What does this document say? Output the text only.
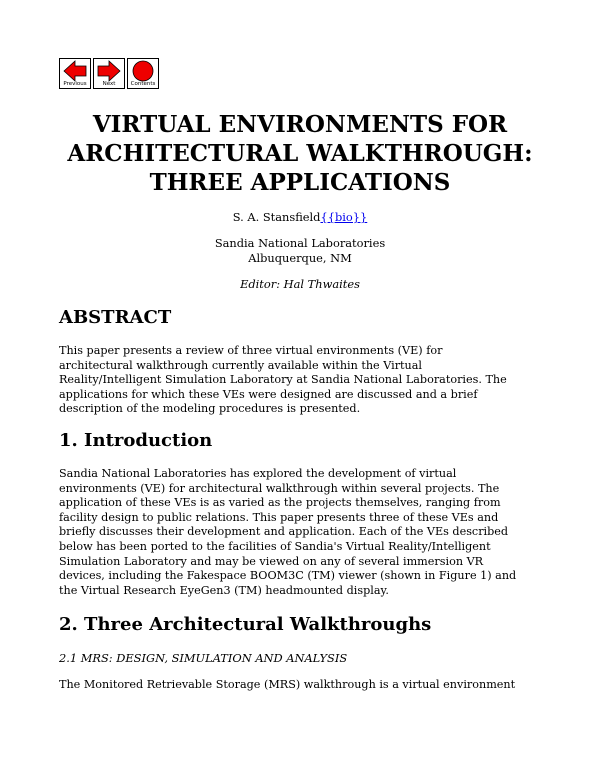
Previous	Next	Contents
VIRTUAL ENVIRONMENTS FOR
ARCHITECTURAL WALKTHROUGH:
THREE APPLICATIONS

S. A. Stansfield{{bio}}

Sandia National Laboratories
Albuquerque, NM

Editor: Hal Thwaites

ABSTRACT

This paper presents a review of three virtual environments (VE) for
architectural walkthrough currently available within the Virtual
Reality/Intelligent Simulation Laboratory at Sandia National Laboratories. The
applications for which these VEs were designed are discussed and a brief
description of the modeling procedures is presented.

1. Introduction

Sandia National Laboratories has explored the development of virtual
environments (VE) for architectural walkthrough within several projects. The
application of these VEs is as varied as the projects themselves, ranging from
facility design to public relations. This paper presents three of these VEs and
briefly discusses their development and application. Each of the VEs described
below has been ported to the facilities of Sandia's Virtual Reality/Intelligent
Simulation Laboratory and may be viewed on any of several immersion VR
devices, including the Fakespace BOOM3C (TM) viewer (shown in Figure 1) and
the Virtual Research EyeGen3 (TM) headmounted display.

2. Three Architectural Walkthroughs
2.1 MRS: DESIGN, SIMULATION AND ANALYSIS

The Monitored Retrievable Storage (MRS) walkthrough is a virtual environment
